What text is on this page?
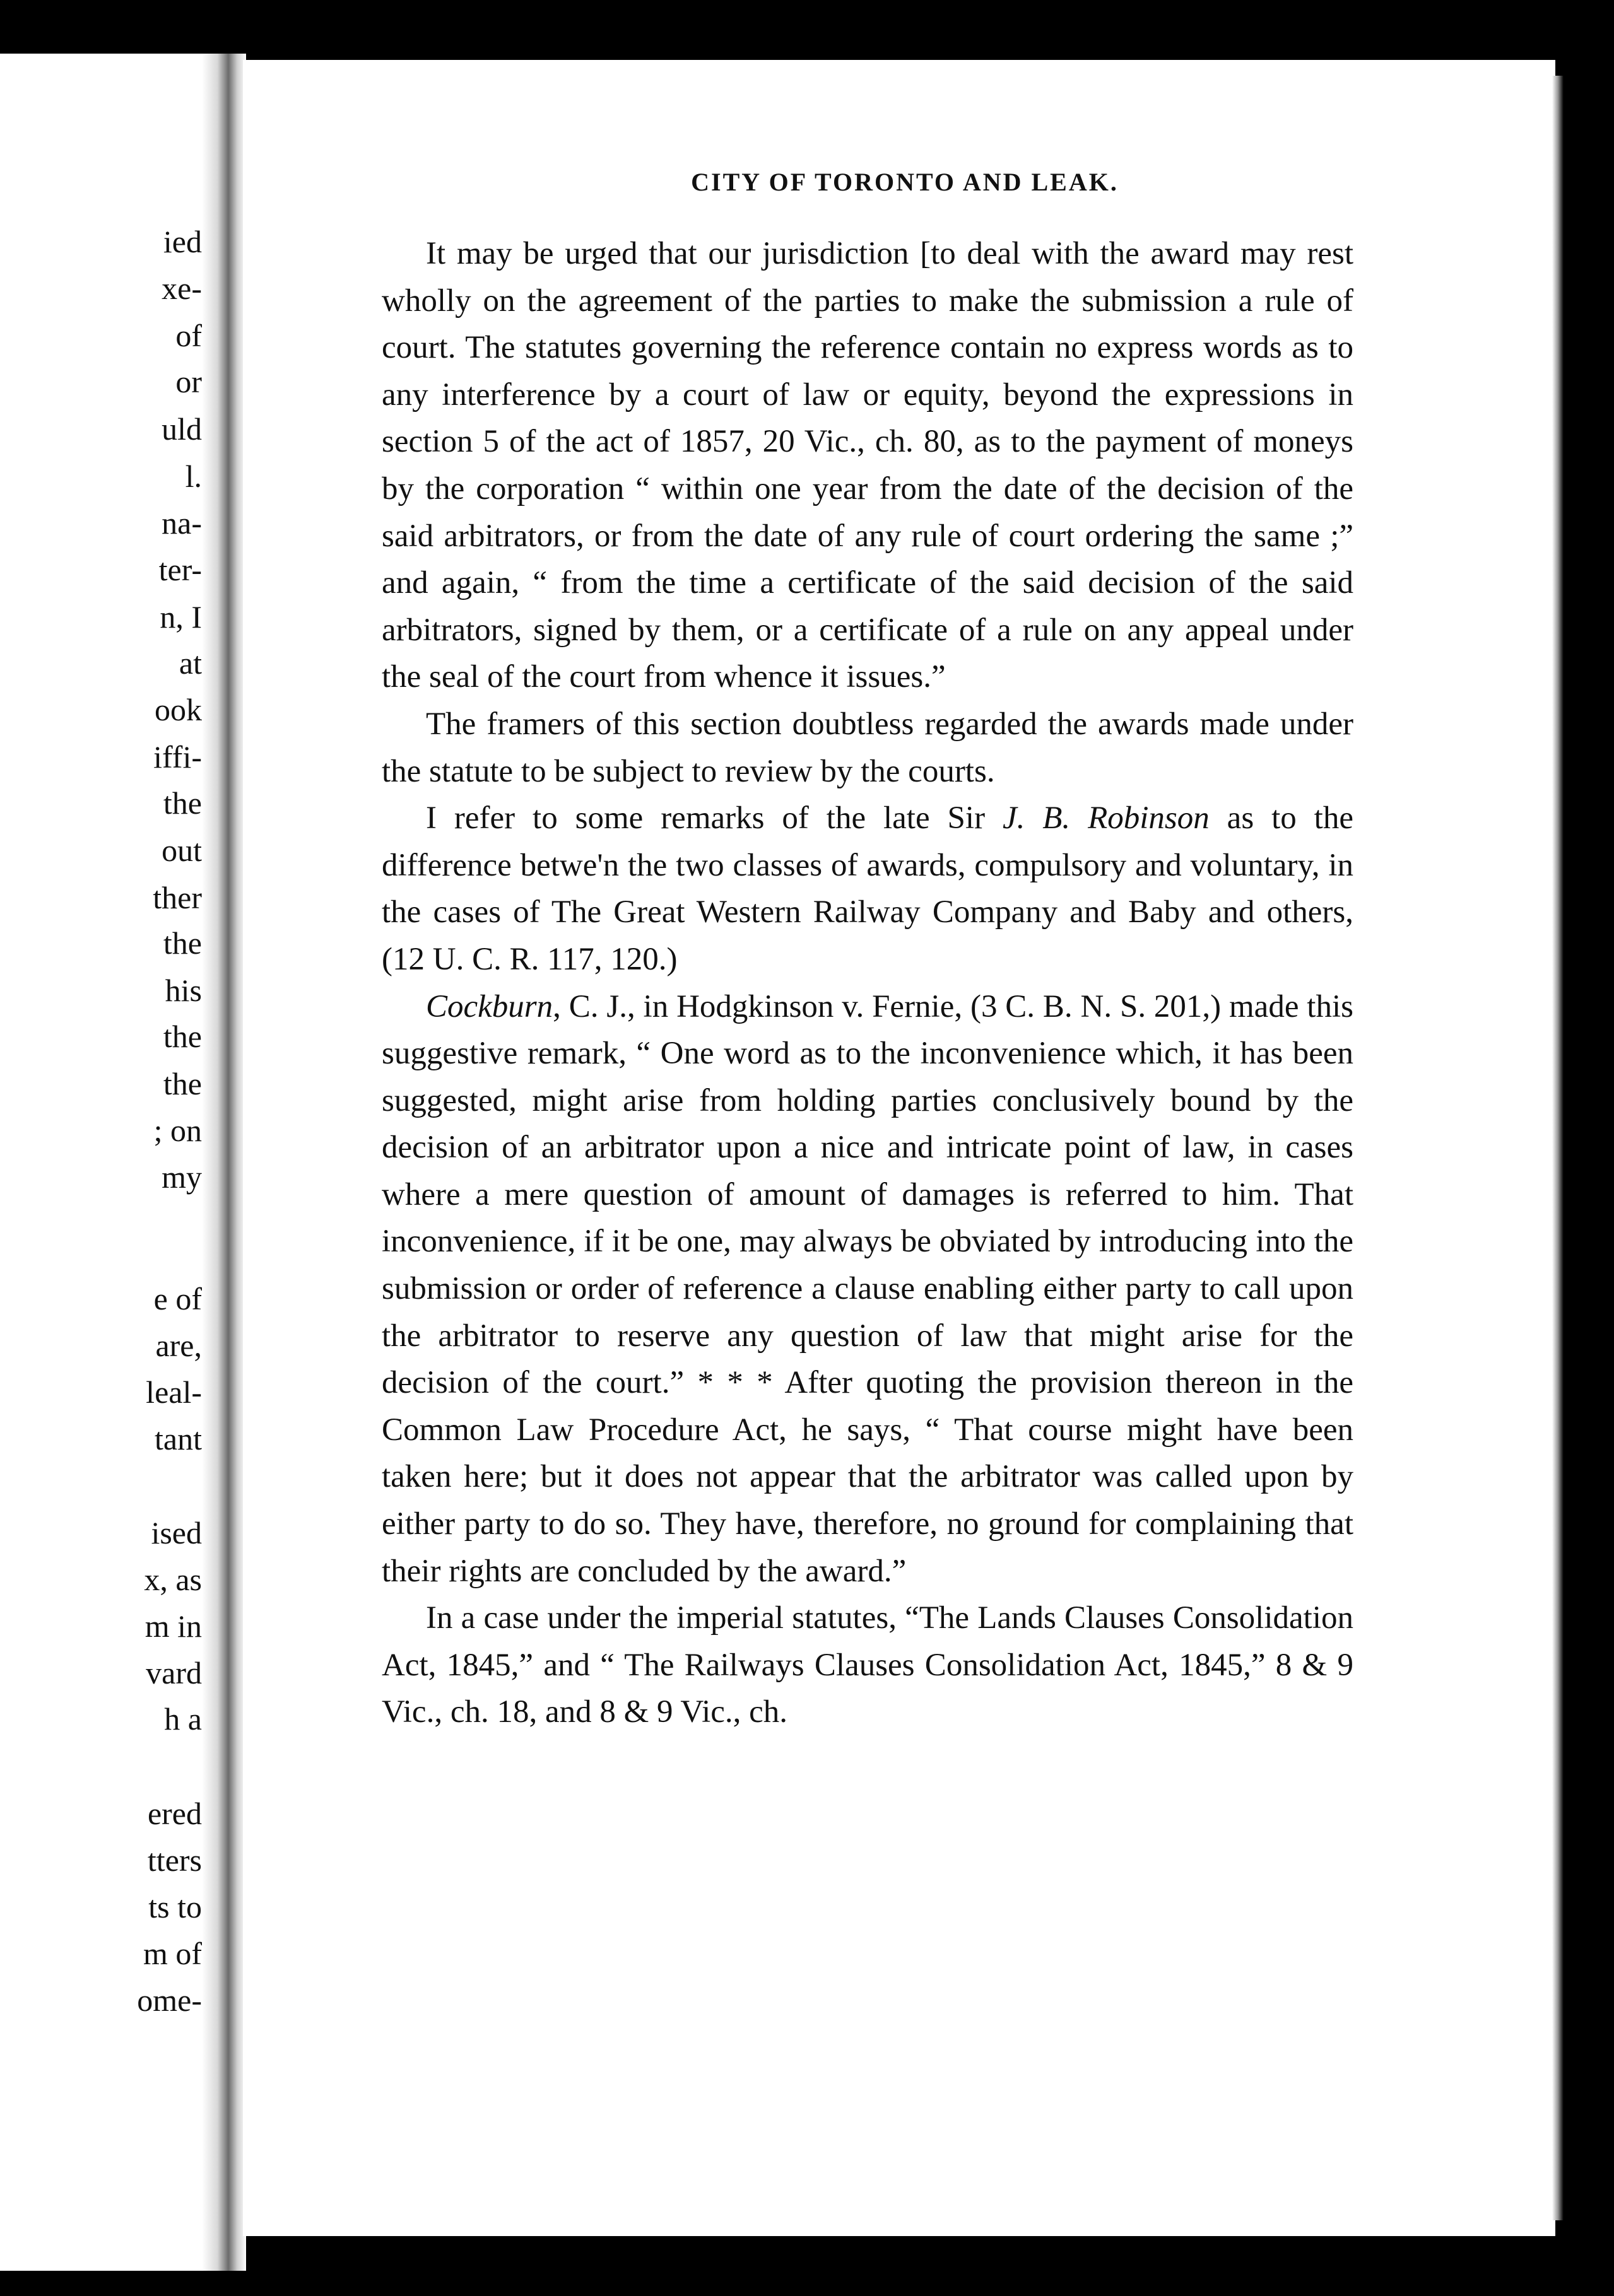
ied
xe-
of
or
uld
l.
na-
ter-
n, I
at
ook
iffi-
the
out
ther
the
his
the
the
; on
my
e of
are,
leal-
tant
ised
x, as
m in
vard
h a
ered
tters
ts to
m of
ome-
CITY OF TORONTO AND LEAK.

It may be urged that our jurisdiction [to deal with the award may rest wholly on the agreement of the parties to make the submission a rule of court. The statutes governing the reference contain no express words as to any interference by a court of law or equity, beyond the expressions in section 5 of the act of 1857, 20 Vic., ch. 80, as to the payment of moneys by the corporation “ within one year from the date of the decision of the said arbitrators, or from the date of any rule of court ordering the same ;” and again, “ from the time a certificate of the said decision of the said arbitrators, signed by them, or a certificate of a rule on any appeal under the seal of the court from whence it issues.”

The framers of this section doubtless regarded the awards made under the statute to be subject to review by the courts.

I refer to some remarks of the late Sir J. B. Robinson as to the difference betwe'n the two classes of awards, compulsory and voluntary, in the cases of The Great Western Railway Company and Baby and others, (12 U. C. R. 117, 120.)

Cockburn, C. J., in Hodgkinson v. Fernie, (3 C. B. N. S. 201,) made this suggestive remark, “ One word as to the inconvenience which, it has been suggested, might arise from holding parties conclusively bound by the decision of an arbitrator upon a nice and intricate point of law, in cases where a mere question of amount of damages is referred to him. That inconvenience, if it be one, may always be obviated by introducing into the submission or order of reference a clause enabling either party to call upon the arbitrator to reserve any question of law that might arise for the decision of the court.” * * * After quoting the provision thereon in the Common Law Procedure Act, he says, “ That course might have been taken here; but it does not appear that the arbitrator was called upon by either party to do so. They have, therefore, no ground for complaining that their rights are concluded by the award.”

In a case under the imperial statutes, “The Lands Clauses Consolidation Act, 1845,” and “ The Railways Clauses Consolidation Act, 1845,” 8 & 9 Vic., ch. 18, and 8 & 9 Vic., ch.
